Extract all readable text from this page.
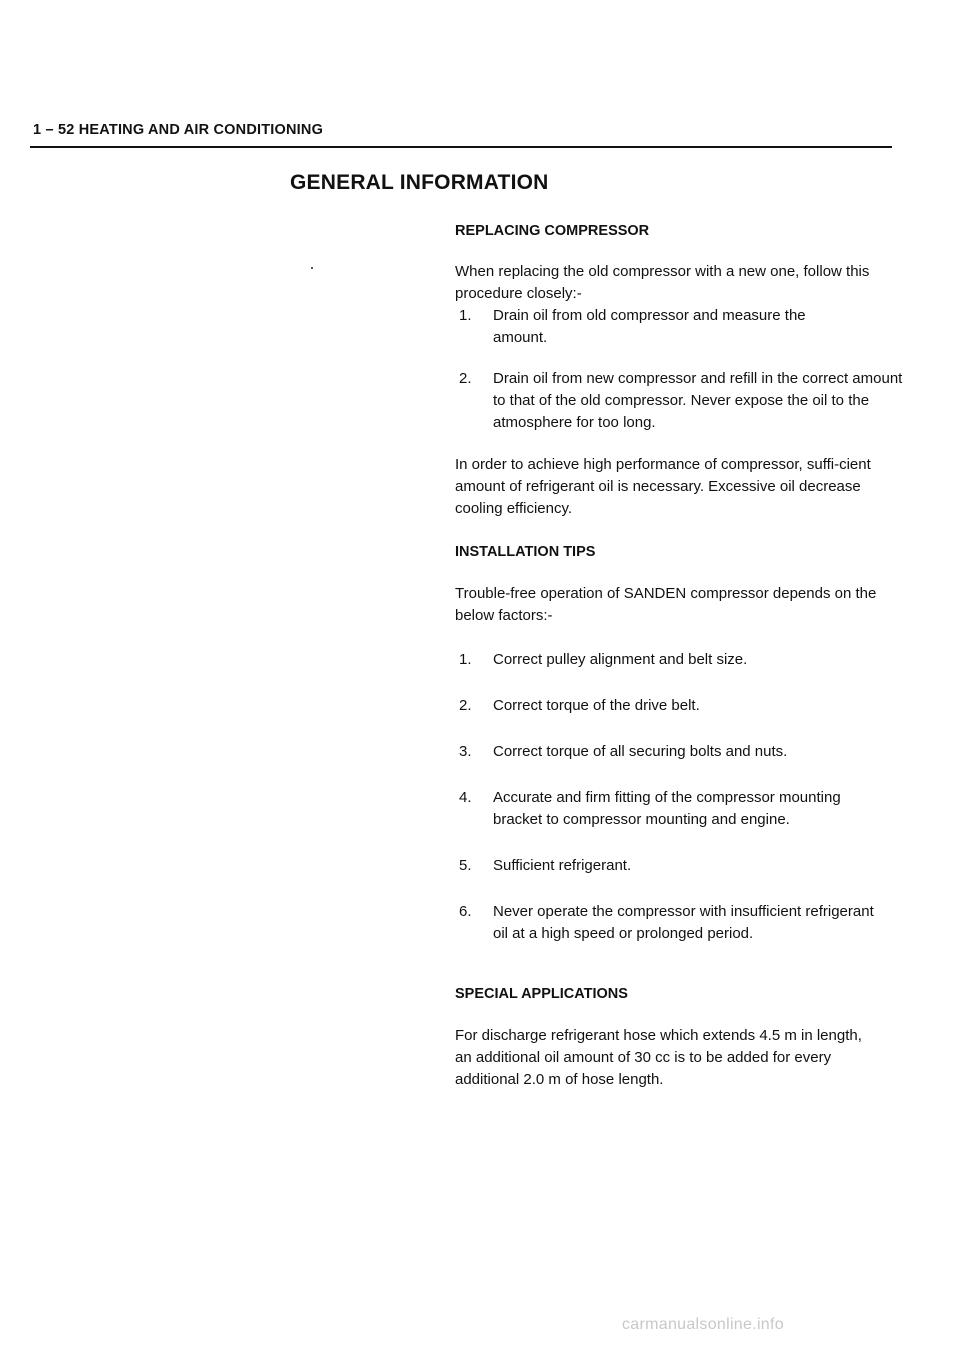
1 – 52 HEATING AND AIR CONDITIONING
GENERAL INFORMATION

REPLACING COMPRESSOR

When replacing the old compressor with a new one, follow this procedure closely:-

1.	Drain oil from old compressor and measure the amount.
2.	Drain oil from new compressor and refill in the correct amount to that of the old compressor. Never expose the oil to the atmosphere for too long.

In order to achieve high performance of compressor, suffi-cient amount of refrigerant oil is necessary. Excessive oil decrease cooling efficiency.

INSTALLATION TIPS

Trouble-free operation of SANDEN compressor depends on the below factors:-

1.	Correct pulley alignment and belt size.
2.	Correct torque of the drive belt.
3.	Correct torque of all securing bolts and nuts.
4.	Accurate and firm fitting of the compressor mounting bracket to compressor mounting and engine.
5.	Sufficient refrigerant.
6.	Never operate the compressor with insufficient refrigerant oil at a high speed or prolonged period.

SPECIAL APPLICATIONS

For discharge refrigerant hose which extends 4.5 m in length, an additional oil amount of 30 cc is to be added for every additional 2.0 m of hose length.

carmanualsonline.info
